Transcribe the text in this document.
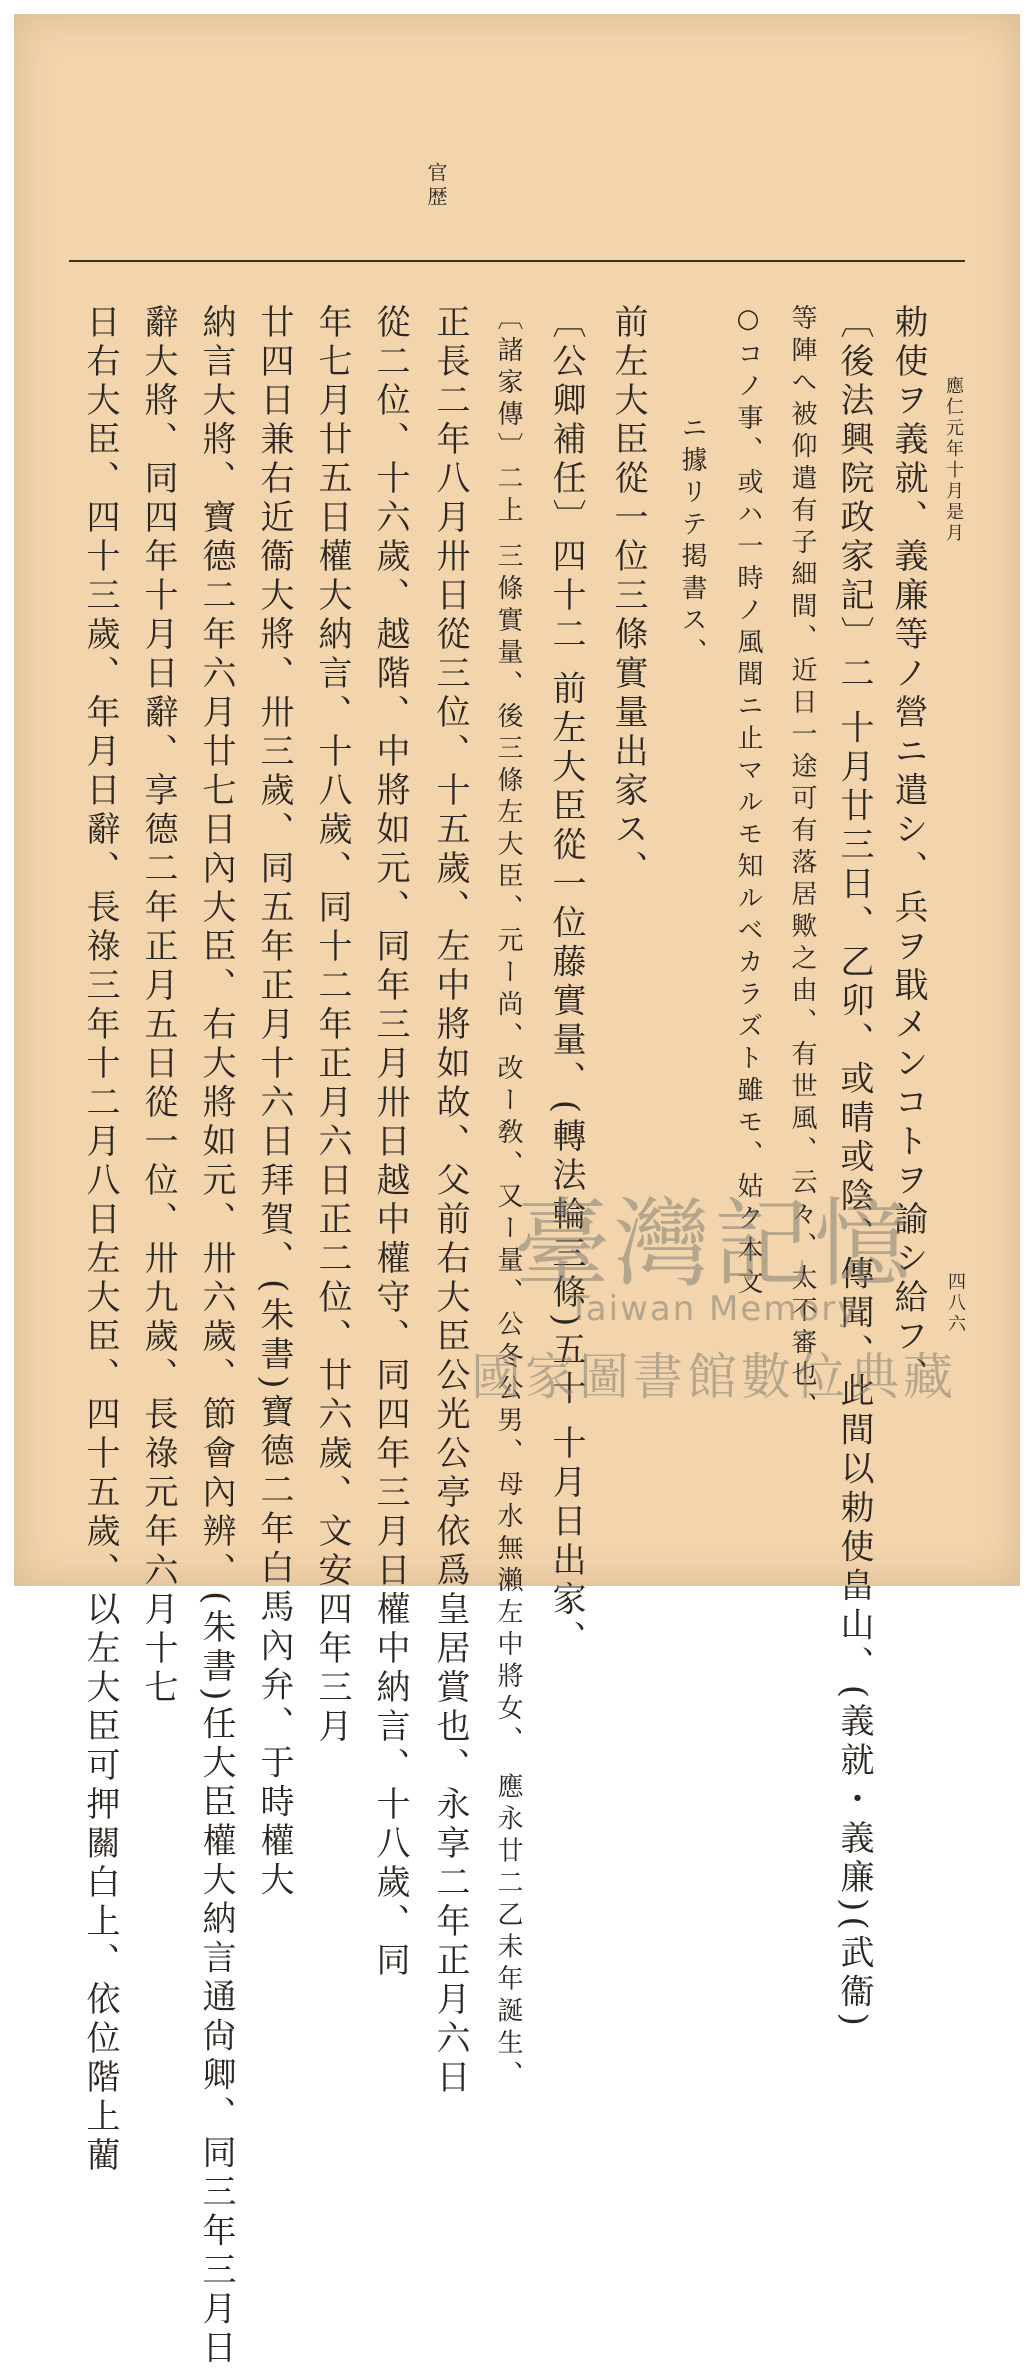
官歴
應仁元年十月是月
四八六
勅使ヲ義就、義廉等ノ營ニ遣シ、兵ヲ戢メンコトヲ諭シ給フ、
〔後法興院政家記〕二 十月廿三日、乙卯、或晴或陰、傳聞、此間以勅使畠山、(義就・義廉)(武衞)
等陣へ被仰遣有子細間、近日一途可有落居歟之由、有世風、云々、太不審也、
○コノ事、或ハ一時ノ風聞ニ止マルモ知ルベカラズト雖モ、姑ク本文
ニ據リテ掲書ス、
前左大臣從一位三條實量出家ス、
〔公卿補任〕四十二 前左大臣從一位藤實量、(轉法輪三條)五十 十月日出家、
〔諸家傳〕二上 三條實量、後三條左大臣、元ー尚、改ー敎、又ー量、公冬公男、母水無瀨左中將女、 應永廿二乙未年誕生、
正長二年八月卅日從三位、十五歲、左中將如故、父前右大臣公光公亭依爲皇居賞也、永享二年正月六日
從二位、十六歲、越階、中將如元、同年三月卅日越中權守、同四年三月日權中納言、十八歲、同
年七月廿五日權大納言、十八歲、同十二年正月六日正二位、廿六歲、文安四年三月
廿四日兼右近衞大將、卅三歲、同五年正月十六日拜賀、(朱書)寶德二年白馬內弁、于時權大
納言大將、寶德二年六月廿七日內大臣、右大將如元、卅六歲、節會內辨、(朱書)任大臣權大納言通尙卿、同三年三月日
辭大將、同四年十月日辭、享德二年正月五日從一位、卅九歲、長祿元年六月十七
日右大臣、四十三歲、年月日辭、長祿三年十二月八日左大臣、四十五歲、以左大臣可押關白上、依位階上藺	臺灣記憶
Taiwan Memory
國家圖書館數位典藏
